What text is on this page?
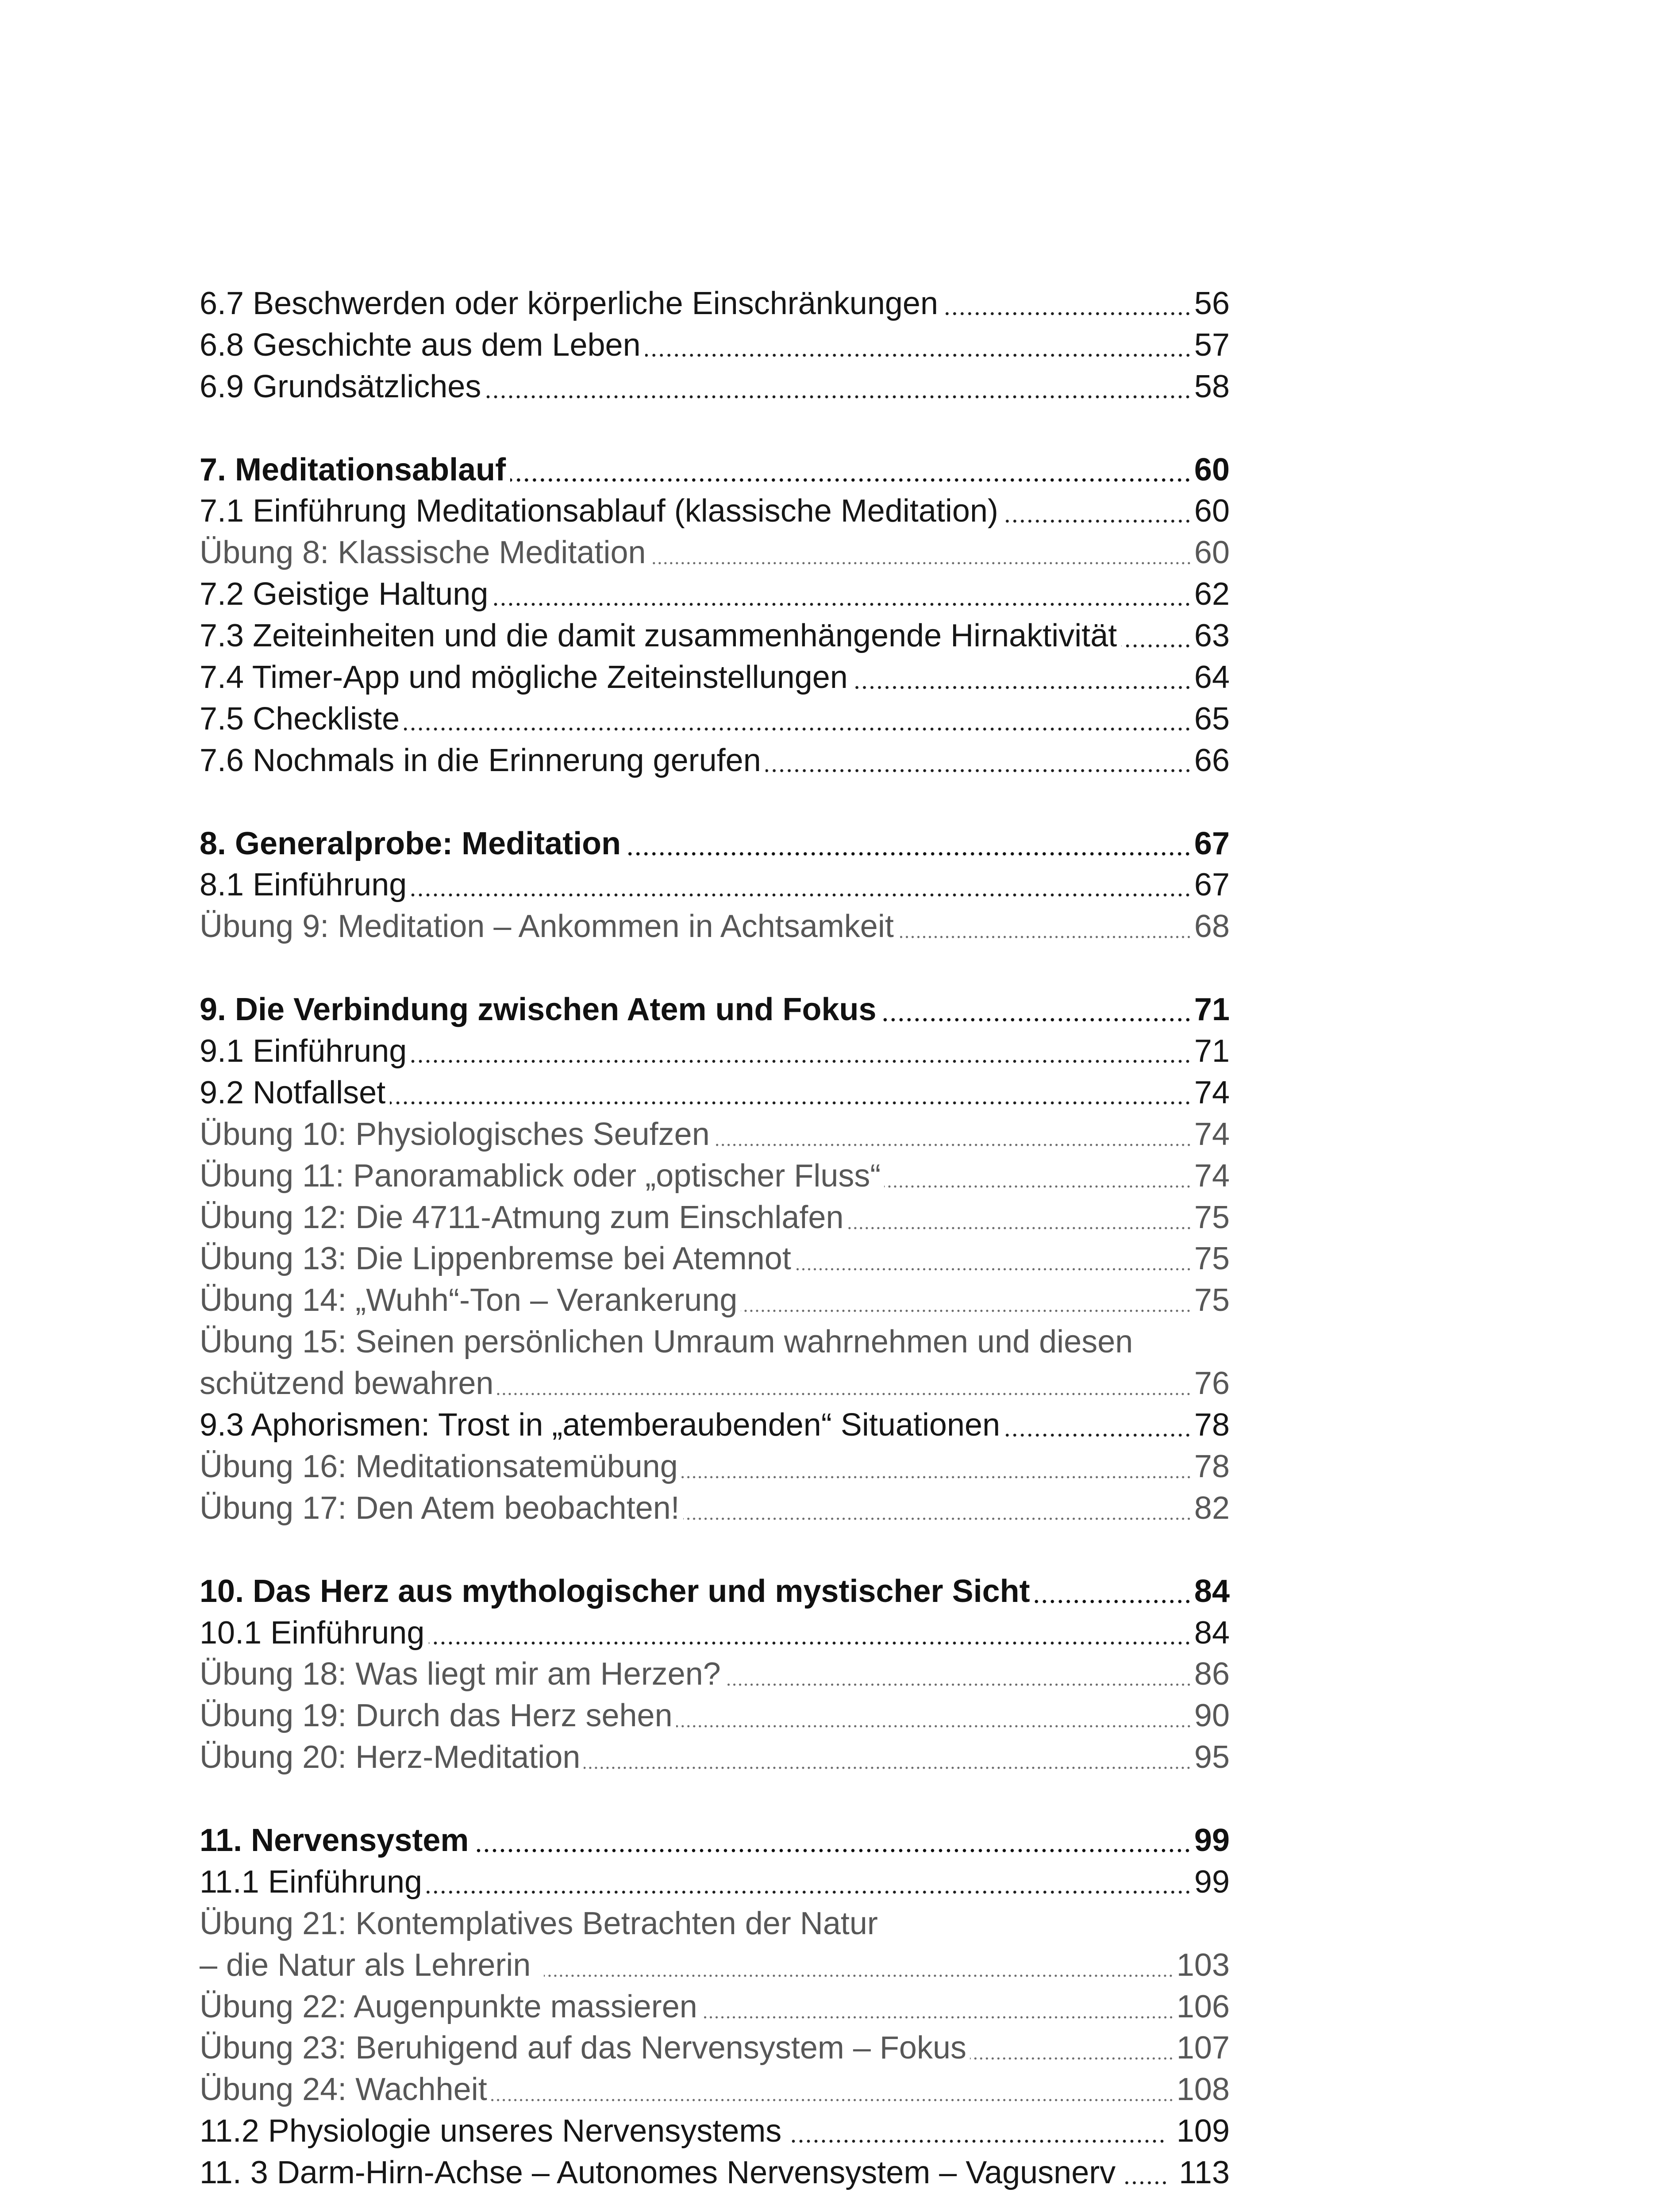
6.7 Beschwerden oder körperliche Einschränkungen	56
6.8 Geschichte aus dem Leben	57
6.9 Grundsätzliches	58
7. Meditationsablauf	60
7.1 Einführung Meditationsablauf (klassische Meditation)	60
Übung 8: Klassische Meditation	60
7.2 Geistige Haltung	62
7.3 Zeiteinheiten und die damit zusammenhängende Hirnaktivität 63
7.4 Timer-App und mögliche Zeiteinstellungen	64
7.5 Checkliste	65
7.6 Nochmals in die Erinnerung gerufen	66
8. Generalprobe: Meditation	67
8.1 Einführung	67
Übung 9: Meditation – Ankommen in Achtsamkeit	68
9. Die Verbindung zwischen Atem und Fokus	71
9.1 Einführung	71
9.2 Notfallset	74
Übung 10: Physiologisches Seufzen	74
Übung 11: Panoramablick oder „optischer Fluss“	74
Übung 12: Die 4711-Atmung zum Einschlafen	75
Übung 13: Die Lippenbremse bei Atemnot	75
Übung 14: „Wuhh“-Ton – Verankerung	75
Übung 15: Seinen persönlichen Umraum wahrnehmen und diesen
schützend bewahren	76
9.3 Aphorismen: Trost in „atemberaubenden“ Situationen	78
Übung 16: Meditationsatemübung	78
Übung 17: Den Atem beobachten!	82
10. Das Herz aus mythologischer und mystischer Sicht	84
10.1 Einführung	84
Übung 18: Was liegt mir am Herzen?	86
Übung 19: Durch das Herz sehen	90
Übung 20: Herz-Meditation	95
11. Nervensystem	99
11.1 Einführung	99
Übung 21: Kontemplatives Betrachten der Natur
– die Natur als Lehrerin	103
Übung 22: Augenpunkte massieren	106
Übung 23: Beruhigend auf das Nervensystem – Fokus	107
Übung 24: Wachheit	108
11.2 Physiologie unseres Nervensystems	109
11. 3 Darm-Hirn-Achse – Autonomes Nervensystem – Vagusnerv 113
